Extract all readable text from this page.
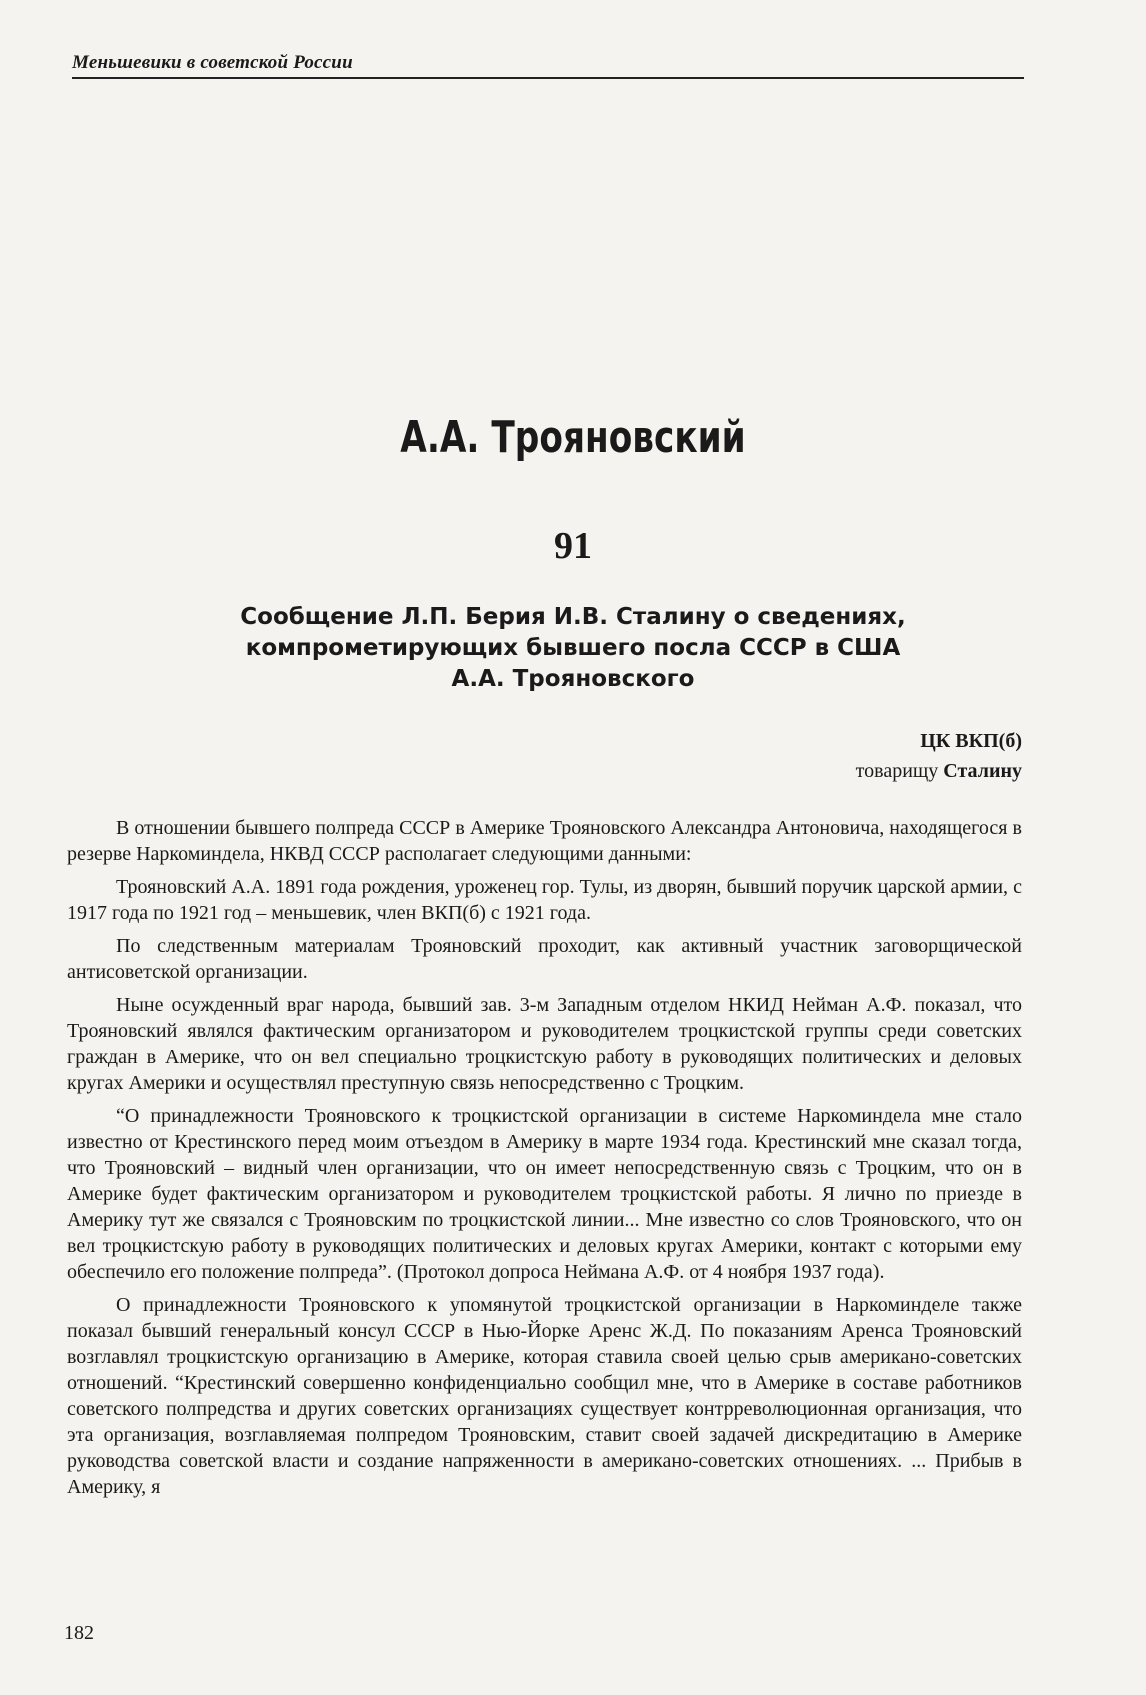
Меньшевики в советской России
А.А. Трояновский
91
Сообщение Л.П. Берия И.В. Сталину о сведениях,
компрометирующих бывшего посла СССР в США
А.А. Трояновского
ЦК ВКП(б)
товарищу Сталину

В отношении бывшего полпреда СССР в Америке Трояновского Александра Антоновича, находящегося в резерве Наркоминдела, НКВД СССР располагает следующими данными:

Трояновский А.А. 1891 года рождения, уроженец гор. Тулы, из дворян, бывший поручик царской армии, с 1917 года по 1921 год – меньшевик, член ВКП(б) с 1921 года.

По следственным материалам Трояновский проходит, как активный участник заговорщической антисоветской организации.

Ныне осужденный враг народа, бывший зав. 3-м Западным отделом НКИД Нейман А.Ф. показал, что Трояновский являлся фактическим организатором и руководителем троцкистской группы среди советских граждан в Америке, что он вел специально троцкистскую работу в руководящих политических и деловых кругах Америки и осуществлял преступную связь непосредственно с Троцким.

“О принадлежности Трояновского к троцкистской организации в системе Наркоминдела мне стало известно от Крестинского перед моим отъездом в Америку в марте 1934 года. Крестинский мне сказал тогда, что Трояновский – видный член организации, что он имеет непосредственную связь с Троцким, что он в Америке будет фактическим организатором и руководителем троцкистской работы. Я лично по приезде в Америку тут же связался с Трояновским по троцкистской линии... Мне известно со слов Трояновского, что он вел троцкистскую работу в руководящих политических и деловых кругах Америки, контакт с которыми ему обеспечило его положение полпреда”. (Протокол допроса Неймана А.Ф. от 4 ноября 1937 года).

О принадлежности Трояновского к упомянутой троцкистской организации в Наркоминделе также показал бывший генеральный консул СССР в Нью-Йорке Аренс Ж.Д. По показаниям Аренса Трояновский возглавлял троцкистскую организацию в Америке, которая ставила своей целью срыв американо-советских отношений. “Крестинский совершенно конфиденциально сообщил мне, что в Америке в составе работников советского полпредства и других советских организациях существует контрреволюционная организация, что эта организация, возглавляемая полпредом Трояновским, ставит своей задачей дискредитацию в Америке руководства советской власти и создание напряженности в американо-советских отношениях. ... Прибыв в Америку, я

182
